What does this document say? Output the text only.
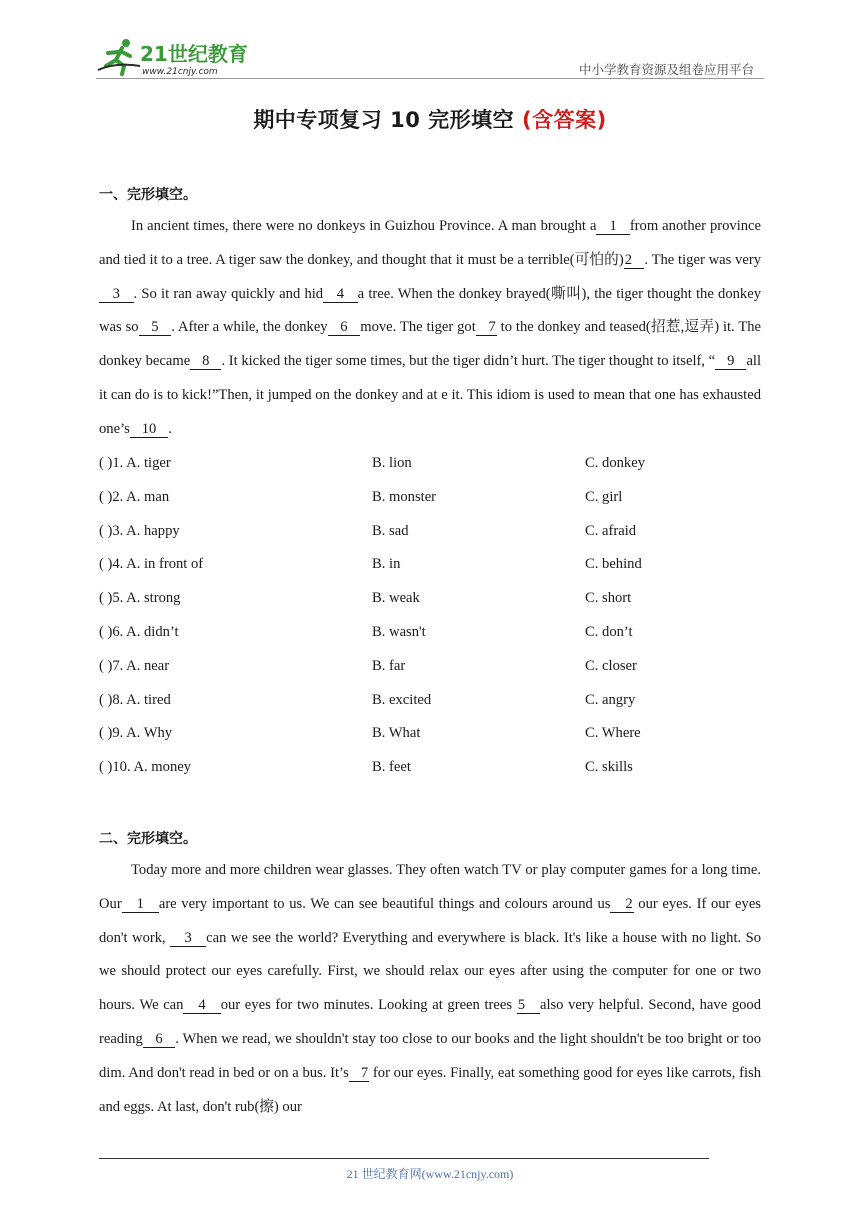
21世纪教育
www.21cnjy.com	中小学教育资源及组卷应用平台
期中专项复习 10 完形填空 (含答案)
一、完形填空。
In ancient times, there were no donkeys in Guizhou Province. A man brought a   1   from another province and tied it to a tree. A tiger saw the donkey, and thought that it must be a terrible(可怕的)2   . The tiger was very   3   . So it ran away quickly and hid   4   a tree. When the donkey brayed(嘶叫), the tiger thought the donkey was so   5   . After a while, the donkey   6   move. The tiger got   7 to the donkey and teased(招惹,逗弄) it. The donkey became   8   . It kicked the tiger some times, but the tiger didn’t hurt. The tiger thought to itself, “   9   all it can do is to kick!”Then, it jumped on the donkey and at e it. This idiom is used to mean that one has exhausted one’s   10   .
( )1. A. tiger	B. lion	C. donkey
( )2. A. man	B. monster	C. girl
( )3. A. happy	B. sad	C. afraid
( )4. A. in front of	B. in	C. behind
( )5. A. strong	B. weak	C. short
( )6. A. didn’t	B. wasn't	C. don’t
( )7. A. near	B. far	C. closer
( )8. A. tired	B. excited	C. angry
( )9. A. Why	B. What	C. Where
( )10. A. money	B. feet	C. skills
二、完形填空。
Today more and more children wear glasses. They often watch TV or play computer games for a long time. Our   1   are very important to us. We can see beautiful things and colours around us   2 our eyes. If our eyes don't work,    3   can we see the world? Everything and everywhere is black. It's like a house with no light. So we should protect our eyes carefully. First, we should relax our eyes after using the computer for one or two hours. We can   4   our eyes for two minutes. Looking at green trees 5   also very helpful. Second, have good reading   6   . When we read, we shouldn't stay too close to our books and the light shouldn't be too bright or too dim. And don't read in bed or on a bus. It’s   7 for our eyes. Finally, eat something good for eyes like carrots, fish and eggs. At last, don't rub(擦) our
21 世纪教育网(www.21cnjy.com)
